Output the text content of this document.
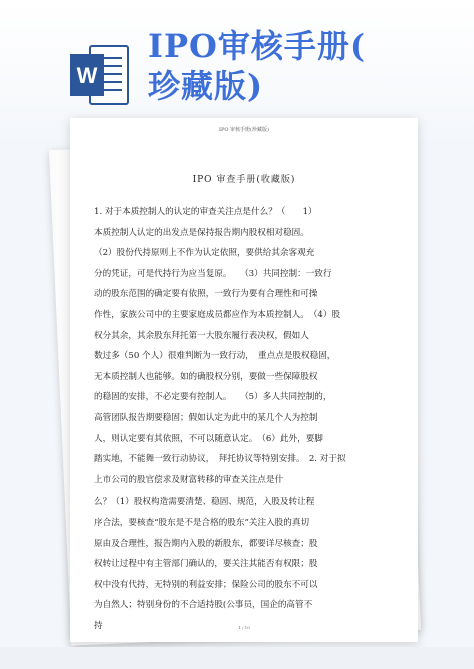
W
IPO审核手册(
珍藏版)
IPO 审核手册(珍藏版)
IPO 审查手册(收藏版)
1. 对于本质控制人的认定的审查关注点是什么？（　　1）
本质控制人认定的出发点是保持报告期内股权相对稳固。
（2）股份代持原则上不作为认定依照，要供给其余客观充
分的凭证，可是代持行为应当复原。　　（3）共同控制：一致行
动的股东范围的确定要有依照，一致行为要有合理性和可操
作性，家族公司中的主要家庭成员都应作为本质控制人。　（4）股
权分其余，其余股东拜托第一大股东履行表决权，假如人
数过多（50 个人）很难判断为一致行动，　重点点是股权稳固，
无本质控制人也能够。如的确股权分别，要做一些保障股权
的稳固的安排，不必定要有控制人。　　（5）多人共同控制的，
高管团队报告期要稳固；假如认定为此中的某几个人为控制
人，则认定要有其依照，不可以随意认定。　（6）此外，要脚
踏实地，不能舞一致行动协议，　拜托协议等特别安排。　2. 对于拟
上市公司的股官偿求及财富转移的审查关注点是什
么？（1）股权构造需要清楚、稳固、规范，入股及转让程
序合法，要核查“股东是不是合格的股东”关注入股的真切
原由及合理性，报告期内入股的新股东，都要详尽核查；股
权转让过程中有主管部门确认的，要关注其能否有权限；股
权中没有代持，无特别的利益安排；保险公司的股东不可以
为自然人；特别身份的不合适持股(公事员，国企的高管不
持	1 / 10
